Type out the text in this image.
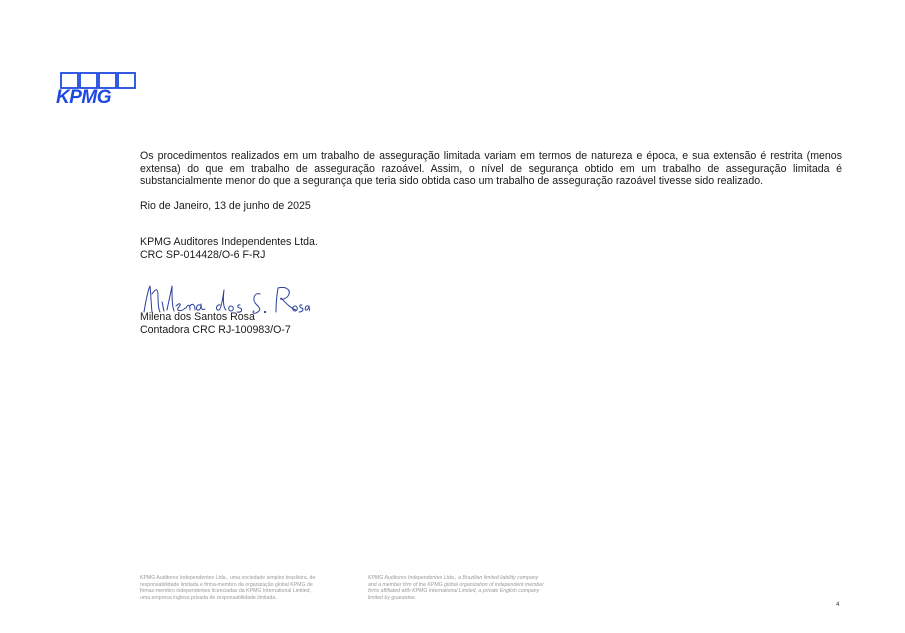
KPMG

Os procedimentos realizados em um trabalho de asseguração limitada variam em termos de natureza e época, e sua extensão é restrita (menos extensa) do que em trabalho de asseguração razoável. Assim, o nível de segurança obtido em um trabalho de asseguração limitada é substancialmente menor do que a segurança que teria sido obtida caso um trabalho de asseguração razoável tivesse sido realizado.

Rio de Janeiro, 13 de junho de 2025
KPMG Auditores Independentes Ltda.
CRC SP-014428/O-6 F-RJ
Milena dos Santos Rosa
Contadora CRC RJ-100983/O-7
KPMG Auditores Independentes Ltda., uma sociedade simples brasileira, de
responsabilidade limitada e firma-membro da organização global KPMG de
firmas-membro independentes licenciadas da KPMG International Limited,
uma empresa inglesa privada de responsabilidade limitada.
KPMG Auditores Independentes Ltda., a Brazilian limited liability company
and a member firm of the KPMG global organization of independent member
firms affiliated with KPMG International Limited, a private English company
limited by guarantee.
4
